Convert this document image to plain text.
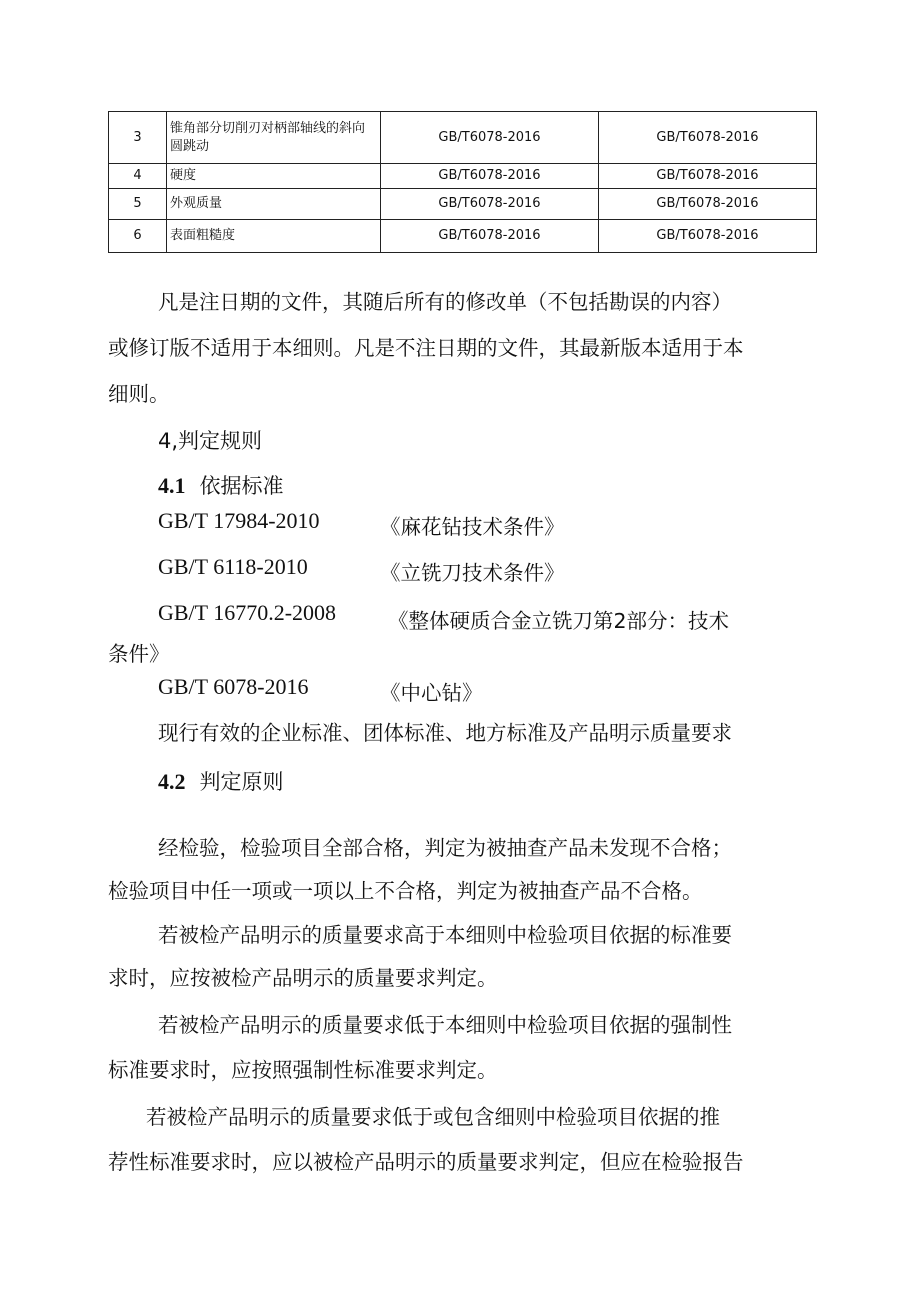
3	锥角部分切削刃对柄部轴线的斜向圆跳动	GB/T6078-2016	GB/T6078-2016
4	硬度	GB/T6078-2016	GB/T6078-2016
5	外观质量	GB/T6078-2016	GB/T6078-2016
6	表面粗糙度	GB/T6078-2016	GB/T6078-2016
凡是注日期的文件，其随后所有的修改单（不包括勘误的内容）
或修订版不适用于本细则。凡是不注日期的文件，其最新版本适用于本
细则。
4,判定规则
4.1 依据标准
GB/T 17984-2010	《麻花钻技术条件》
GB/T 6118-2010	《立铣刀技术条件》
GB/T 16770.2-2008	《整体硬质合金立铣刀第2部分：技术
条件》
GB/T 6078-2016	《中心钻》
现行有效的企业标准、团体标准、地方标准及产品明示质量要求
4.2 判定原则
经检验，检验项目全部合格，判定为被抽查产品未发现不合格；
检验项目中任一项或一项以上不合格，判定为被抽查产品不合格。
若被检产品明示的质量要求高于本细则中检验项目依据的标准要
求时，应按被检产品明示的质量要求判定。
若被检产品明示的质量要求低于本细则中检验项目依据的强制性
标准要求时，应按照强制性标准要求判定。
若被检产品明示的质量要求低于或包含细则中检验项目依据的推
荐性标准要求时，应以被检产品明示的质量要求判定，但应在检验报告
